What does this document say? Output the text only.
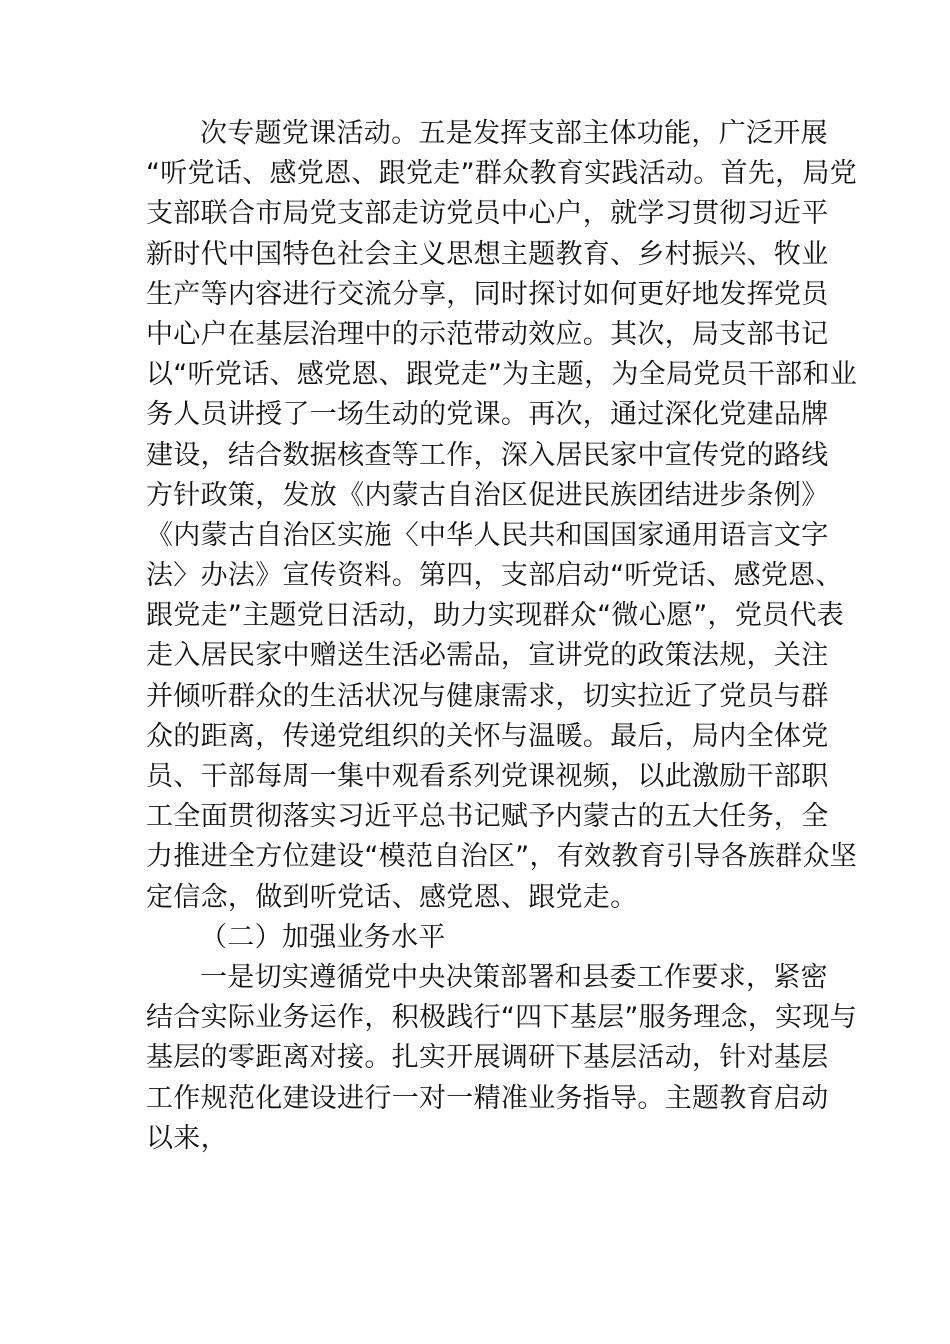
次专题党课活动。五是发挥支部主体功能，广泛开展
“听党话、感党恩、跟党走”群众教育实践活动。首先，局党
支部联合市局党支部走访党员中心户，就学习贯彻习近平
新时代中国特色社会主义思想主题教育、乡村振兴、牧业
生产等内容进行交流分享，同时探讨如何更好地发挥党员
中心户在基层治理中的示范带动效应。其次，局支部书记
以“听党话、感党恩、跟党走”为主题，为全局党员干部和业
务人员讲授了一场生动的党课。再次，通过深化党建品牌
建设，结合数据核查等工作，深入居民家中宣传党的路线
方针政策，发放《内蒙古自治区促进民族团结进步条例》
《内蒙古自治区实施〈中华人民共和国国家通用语言文字
法〉办法》宣传资料。第四，支部启动“听党话、感党恩、
跟党走”主题党日活动，助力实现群众“微心愿”，党员代表
走入居民家中赠送生活必需品，宣讲党的政策法规，关注
并倾听群众的生活状况与健康需求，切实拉近了党员与群
众的距离，传递党组织的关怀与温暖。最后，局内全体党
员、干部每周一集中观看系列党课视频，以此激励干部职
工全面贯彻落实习近平总书记赋予内蒙古的五大任务，全
力推进全方位建设“模范自治区”，有效教育引导各族群众坚
定信念，做到听党话、感党恩、跟党走。
（二）加强业务水平
一是切实遵循党中央决策部署和县委工作要求，紧密
结合实际业务运作，积极践行“四下基层”服务理念，实现与
基层的零距离对接。扎实开展调研下基层活动，针对基层
工作规范化建设进行一对一精准业务指导。主题教育启动
以来，
